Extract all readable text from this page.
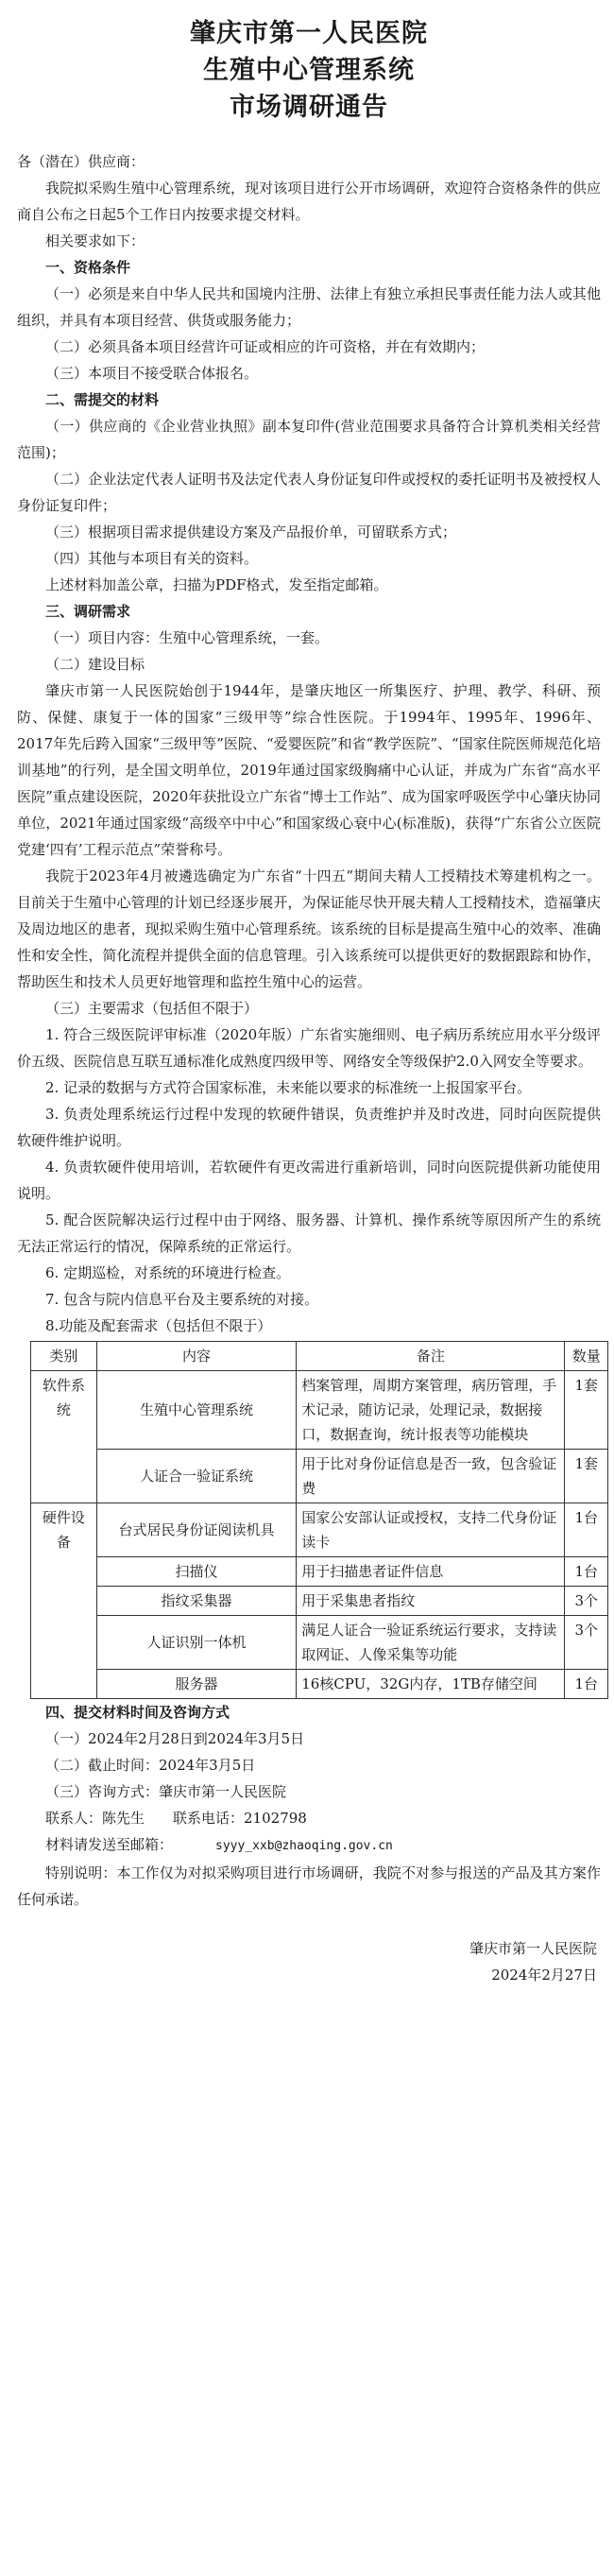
肇庆市第一人民医院
生殖中心管理系统
市场调研通告

各（潜在）供应商：

我院拟采购生殖中心管理系统，现对该项目进行公开市场调研，欢迎符合资格条件的供应商自公布之日起5个工作日内按要求提交材料。

相关要求如下：

一、资格条件

（一）必须是来自中华人民共和国境内注册、法律上有独立承担民事责任能力法人或其他组织，并具有本项目经营、供货或服务能力；

（二）必须具备本项目经营许可证或相应的许可资格，并在有效期内；

（三）本项目不接受联合体报名。

二、需提交的材料

（一）供应商的《企业营业执照》副本复印件(营业范围要求具备符合计算机类相关经营范围)；

（二）企业法定代表人证明书及法定代表人身份证复印件或授权的委托证明书及被授权人身份证复印件；

（三）根据项目需求提供建设方案及产品报价单，可留联系方式；

（四）其他与本项目有关的资料。

上述材料加盖公章，扫描为PDF格式，发至指定邮箱。

三、调研需求

（一）项目内容：生殖中心管理系统，一套。

（二）建设目标

肇庆市第一人民医院始创于1944年，是肇庆地区一所集医疗、护理、教学、科研、预防、保健、康复于一体的国家“三级甲等”综合性医院。于1994年、1995年、1996年、2017年先后跨入国家“三级甲等”医院、“爱婴医院”和省“教学医院”、“国家住院医师规范化培训基地”的行列，是全国文明单位，2019年通过国家级胸痛中心认证，并成为广东省“高水平医院”重点建设医院，2020年获批设立广东省“博士工作站”、成为国家呼吸医学中心肇庆协同单位，2021年通过国家级“高级卒中中心”和国家级心衰中心(标准版)，获得“广东省公立医院党建‘四有’工程示范点”荣誉称号。

我院于2023年4月被遴选确定为广东省“十四五”期间夫精人工授精技术筹建机构之一。目前关于生殖中心管理的计划已经逐步展开，为保证能尽快开展夫精人工授精技术，造福肇庆及周边地区的患者，现拟采购生殖中心管理系统。该系统的目标是提高生殖中心的效率、准确性和安全性，简化流程并提供全面的信息管理。引入该系统可以提供更好的数据跟踪和协作，帮助医生和技术人员更好地管理和监控生殖中心的运营。

（三）主要需求（包括但不限于）

1. 符合三级医院评审标准（2020年版）广东省实施细则、电子病历系统应用水平分级评价五级、医院信息互联互通标准化成熟度四级甲等、网络安全等级保护2.0入网安全等要求。

2. 记录的数据与方式符合国家标准，未来能以要求的标准统一上报国家平台。

3. 负责处理系统运行过程中发现的软硬件错误，负责维护并及时改进，同时向医院提供软硬件维护说明。

4. 负责软硬件使用培训，若软硬件有更改需进行重新培训，同时向医院提供新功能使用说明。

5. 配合医院解决运行过程中由于网络、服务器、计算机、操作系统等原因所产生的系统无法正常运行的情况，保障系统的正常运行。

6. 定期巡检，对系统的环境进行检查。

7. 包含与院内信息平台及主要系统的对接。

8.功能及配套需求（包括但不限于）

类别	内容	备注	数量
软件系统	生殖中心管理系统	档案管理，周期方案管理，病历管理，手术记录，随访记录，处理记录，数据接口，数据查询，统计报表等功能模块	1套
	人证合一验证系统	用于比对身份证信息是否一致，包含验证费	1套
硬件设备	台式居民身份证阅读机具	国家公安部认证或授权，支持二代身份证读卡	1台
	扫描仪	用于扫描患者证件信息	1台
	指纹采集器	用于采集患者指纹	3个
	人证识别一体机	满足人证合一验证系统运行要求，支持读取网证、人像采集等功能	3个
	服务器	16核CPU，32G内存，1TB存储空间	1台

四、提交材料时间及咨询方式

（一）2024年2月28日到2024年3月5日

（二）截止时间：2024年3月5日

（三）咨询方式：肇庆市第一人民医院

联系人：陈先生 联系电话：2102798

材料请发送至邮箱：	syyy_xxb@zhaoqing.gov.cn

特别说明：本工作仅为对拟采购项目进行市场调研，我院不对参与报送的产品及其方案作任何承诺。

肇庆市第一人民医院

2024年2月27日
